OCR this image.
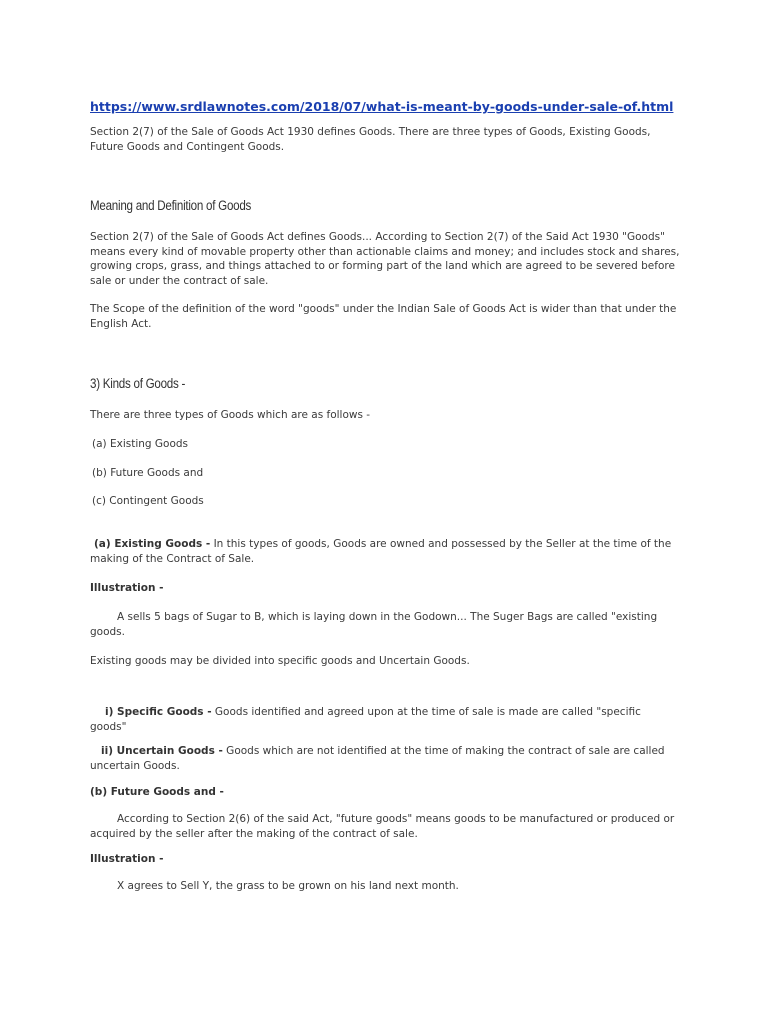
https://www.srdlawnotes.com/2018/07/what-is-meant-by-goods-under-sale-of.html

Section 2(7) of the Sale of Goods Act 1930 defines Goods. There are three types of Goods, Existing Goods, Future Goods and Contingent Goods.

Meaning and Definition of Goods

Section 2(7) of the Sale of Goods Act defines Goods... According to Section 2(7) of the Said Act 1930 "Goods" means every kind of movable property other than actionable claims and money; and includes stock and shares, growing crops, grass, and things attached to or forming part of the land which are agreed to be severed before sale or under the contract of sale.

The Scope of the definition of the word "goods" under the Indian Sale of Goods Act is wider than that under the English Act.

3) Kinds of Goods -

There are three types of Goods which are as follows -

(a) Existing Goods

(b) Future Goods and

(c) Contingent Goods

(a) Existing Goods - In this types of goods, Goods are owned and possessed by the Seller at the time of the making of the Contract of Sale.

Illustration -

A sells 5 bags of Sugar to B, which is laying down in the Godown... The Suger Bags are called "existing goods.

Existing goods may be divided into specific goods and Uncertain Goods.

i) Specific Goods - Goods identified and agreed upon at the time of sale is made are called "specific goods"

ii) Uncertain Goods - Goods which are not identified at the time of making the contract of sale are called uncertain Goods.

(b) Future Goods and -

According to Section 2(6) of the said Act, "future goods" means goods to be manufactured or produced or acquired by the seller after the making of the contract of sale.

Illustration -

X agrees to Sell Y, the grass to be grown on his land next month.
